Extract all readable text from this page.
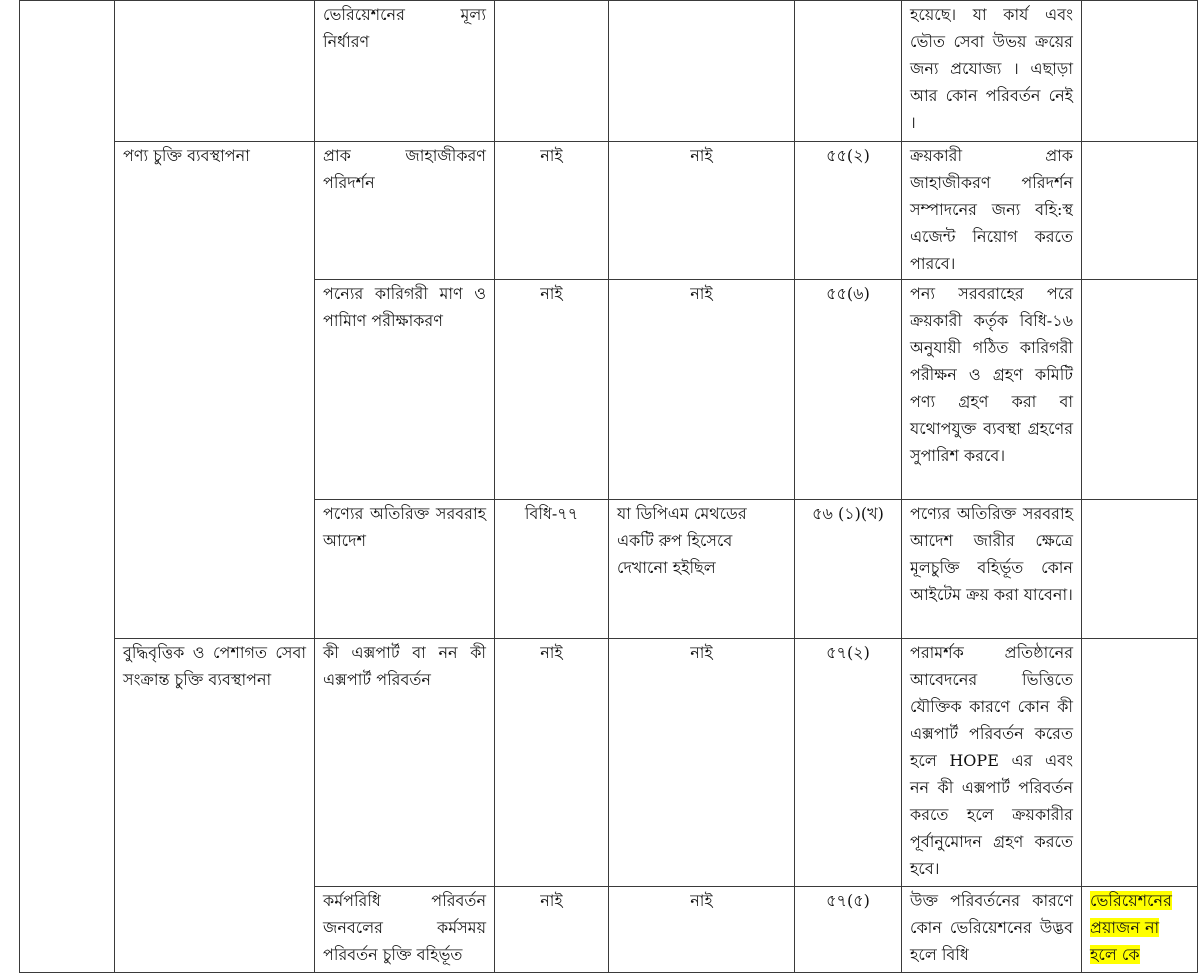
		ভেরিয়েশনের মূল্য নির্ধারণ				হয়েছে। যা কার্য এবং ভৌত সেবা উভয় ক্রয়ের জন্য প্রযোজ্য । এছাড়া আর কোন পরিবর্তন নেই ।	
	পণ্য চুক্তি ব্যবস্থাপনা	প্রাক জাহাজীকরণ পরিদর্শন	নাই	নাই	৫৫(২)	ক্রয়কারী প্রাক জাহাজীকরণ পরিদর্শন সম্পাদনের জন্য বহি:স্থ এজেন্ট নিয়োগ করতে পারবে।	
		পন্যের কারিগরী মাণ ও পামািণ পরীক্ষাকরণ	নাই	নাই	৫৫(৬)	পন্য সরবরাহের পরে ক্রয়কারী কর্তৃক বিধি-১৬ অনুযায়ী গঠিত কারিগরী পরীক্ষন ও গ্রহণ কমিটি পণ্য গ্রহণ করা বা যথোপযুক্ত ব্যবস্থা গ্রহণের সুপারিশ করবে।	
		পণ্যের অতিরিক্ত সরবরাহ আদেশ	বিধি-৭৭	যা ডিপিএম মেথডের একটি রুপ হিসেবে দেখানো হইছিল	৫৬ (১)(খ)	পণ্যের অতিরিক্ত সরবরাহ আদেশ জারীর ক্ষেত্রে মূলচুক্তি বহির্ভূত কোন আইটেম ক্রয় করা যাবেনা।	
	বুদ্ধিবৃত্তিক ও পেশাগত সেবা সংক্রান্ত চুক্তি ব্যবস্থাপনা	কী এক্সপার্ট বা নন কী এক্সপার্ট পরিবর্তন	নাই	নাই	৫৭(২)	পরামর্শক প্রতিষ্ঠানের আবেদনের ভিত্তিতে যৌক্তিক কারণে কোন কী এক্সপার্ট পরিবর্তন করেত হলে HOPE এর এবং নন কী এক্সপার্ট পরিবর্তন করতে হলে ক্রয়কারীর পূর্বানুমোদন গ্রহণ করতে হবে।	
		কর্মপরিধি পরিবর্তন জনবলের কর্মসময় পরিবর্তন চুক্তি বহির্ভূত	নাই	নাই	৫৭(৫)	উক্ত পরিবর্তনের কারণে কোন ভেরিয়েশনের উদ্ভব হলে বিধি	ভেরিয়েশনের প্রয়াজন না হলে কে
